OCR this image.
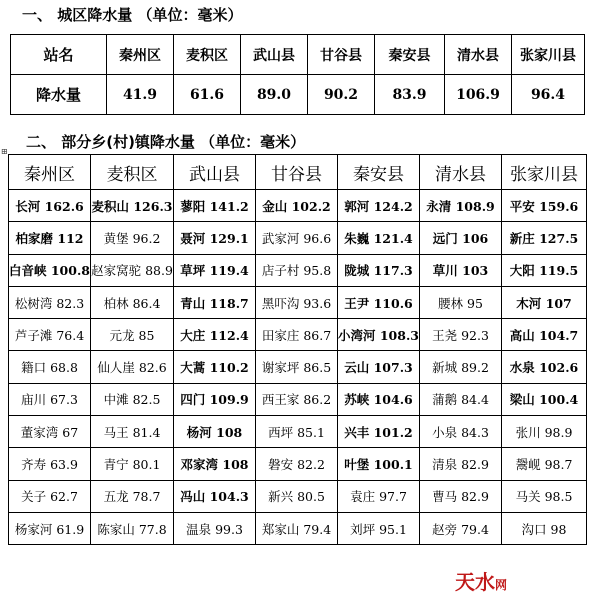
一、 城区降水量 （单位：毫米）
站名	秦州区	麦积区	武山县	甘谷县	秦安县	清水县	张家川县
降水量	41.9	61.6	89.0	90.2	83.9	106.9	96.4
⊞
二、 部分乡(村)镇降水量 （单位：毫米）
秦州区	麦积区	武山县	甘谷县	秦安县	清水县	张家川县
长河 162.6	麦积山 126.3	蓼阳 141.2	金山 102.2	郭河 124.2	永清 108.9	平安 159.6
柏家磨 112	黄堡 96.2	聂河 129.1	武家河 96.6	朱巍 121.4	远门 106	新庄 127.5
白音峡 100.8	赵家窝驼 88.9	草坪 119.4	店子村 95.8	陇城 117.3	草川 103	大阳 119.5
松树湾 82.3	柏林 86.4	青山 118.7	黑吓沟 93.6	王尹 110.6	腰林 95	木河 107
芦子滩 76.4	元龙 85	大庄 112.4	田家庄 86.7	小湾河 108.3	王尧 92.3	高山 104.7
籍口 68.8	仙人崖 82.6	大蒿 110.2	谢家坪 86.5	云山 107.3	新城 89.2	水泉 102.6
庙川 67.3	中滩 82.5	四门 109.9	西王家 86.2	苏峡 104.6	蒲鹅 84.4	梁山 100.4
董家湾 67	马王 81.4	杨河 108	西坪 85.1	兴丰 101.2	小泉 84.3	张川 98.9
齐寿 63.9	青宁 80.1	邓家湾 108	磐安 82.2	叶堡 100.1	清泉 82.9	鬶岘 98.7
关子 62.7	五龙 78.7	冯山 104.3	新兴 80.5	袁庄 97.7	曹马 82.9	马关 98.5
杨家河 61.9	陈家山 77.8	温泉 99.3	郑家山 79.4	刘坪 95.1	赵旁 79.4	沟口 98
天水网
